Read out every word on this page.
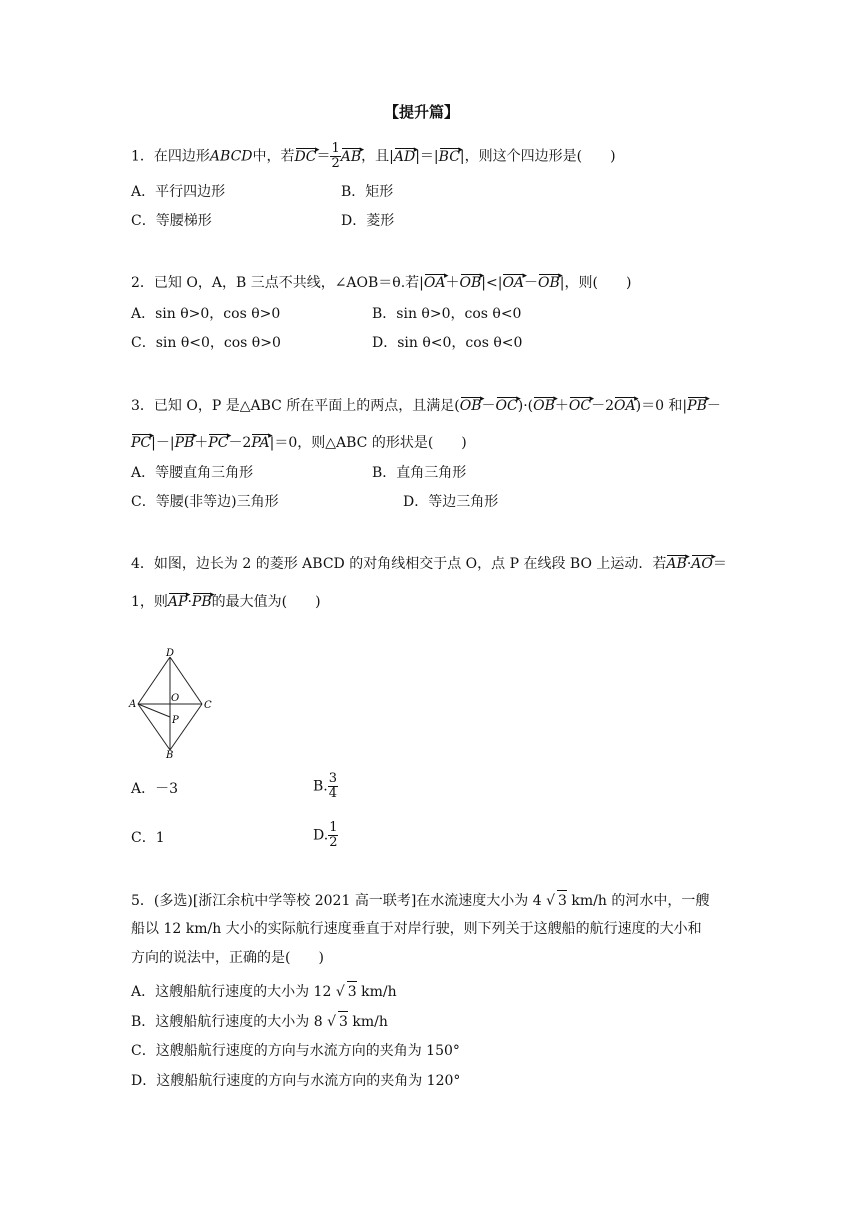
【提升篇】
1．在四边形ABCD中，若DC ▸＝ $\frac{1}{2}$ AB ▸，且|AD ▸|＝|BC ▸|，则这个四边形是(　　)
A．平行四边形	B．矩形
C．等腰梯形	D．菱形
2．已知 O，A，B 三点不共线，∠AOB＝θ.若|OA ▸＋OB ▸|<|OA ▸－OB ▸|，则(　　)
A．sin θ>0，cos θ>0	B．sin θ>0，cos θ<0
C．sin θ<0，cos θ>0	D．sin θ<0，cos θ<0
3．已知 O，P 是△ABC 所在平面上的两点，且满足(OB ▸－OC ▸)·(OB ▸＋OC ▸－2OA ▸)＝0 和|PB ▸－
PC ▸|－|PB ▸＋PC ▸－2PA ▸|＝0，则△ABC 的形状是(　　)
A．等腰直角三角形	B．直角三角形
C．等腰(非等边)三角形	D．等边三角形
4．如图，边长为 2 的菱形 ABCD 的对角线相交于点 O，点 P 在线段 BO 上运动．若AB ▸·AO ▸＝
1，则AP ▸·PB ▸的最大值为(　　)
D
A	C
O
P
B
A．－3	B. $\frac{3}{4}$
C．1	D. $\frac{1}{2}$
5．(多选)[浙江余杭中学等校 2021 高一联考]在水流速度大小为 4 √ 3 km/h 的河水中，一艘
船以 12 km/h 大小的实际航行速度垂直于对岸行驶，则下列关于这艘船的航行速度的大小和
方向的说法中，正确的是(　　)
A．这艘船航行速度的大小为 12 √ 3 km/h
B．这艘船航行速度的大小为 8 √ 3 km/h
C．这艘船航行速度的方向与水流方向的夹角为 150°
D．这艘船航行速度的方向与水流方向的夹角为 120°
